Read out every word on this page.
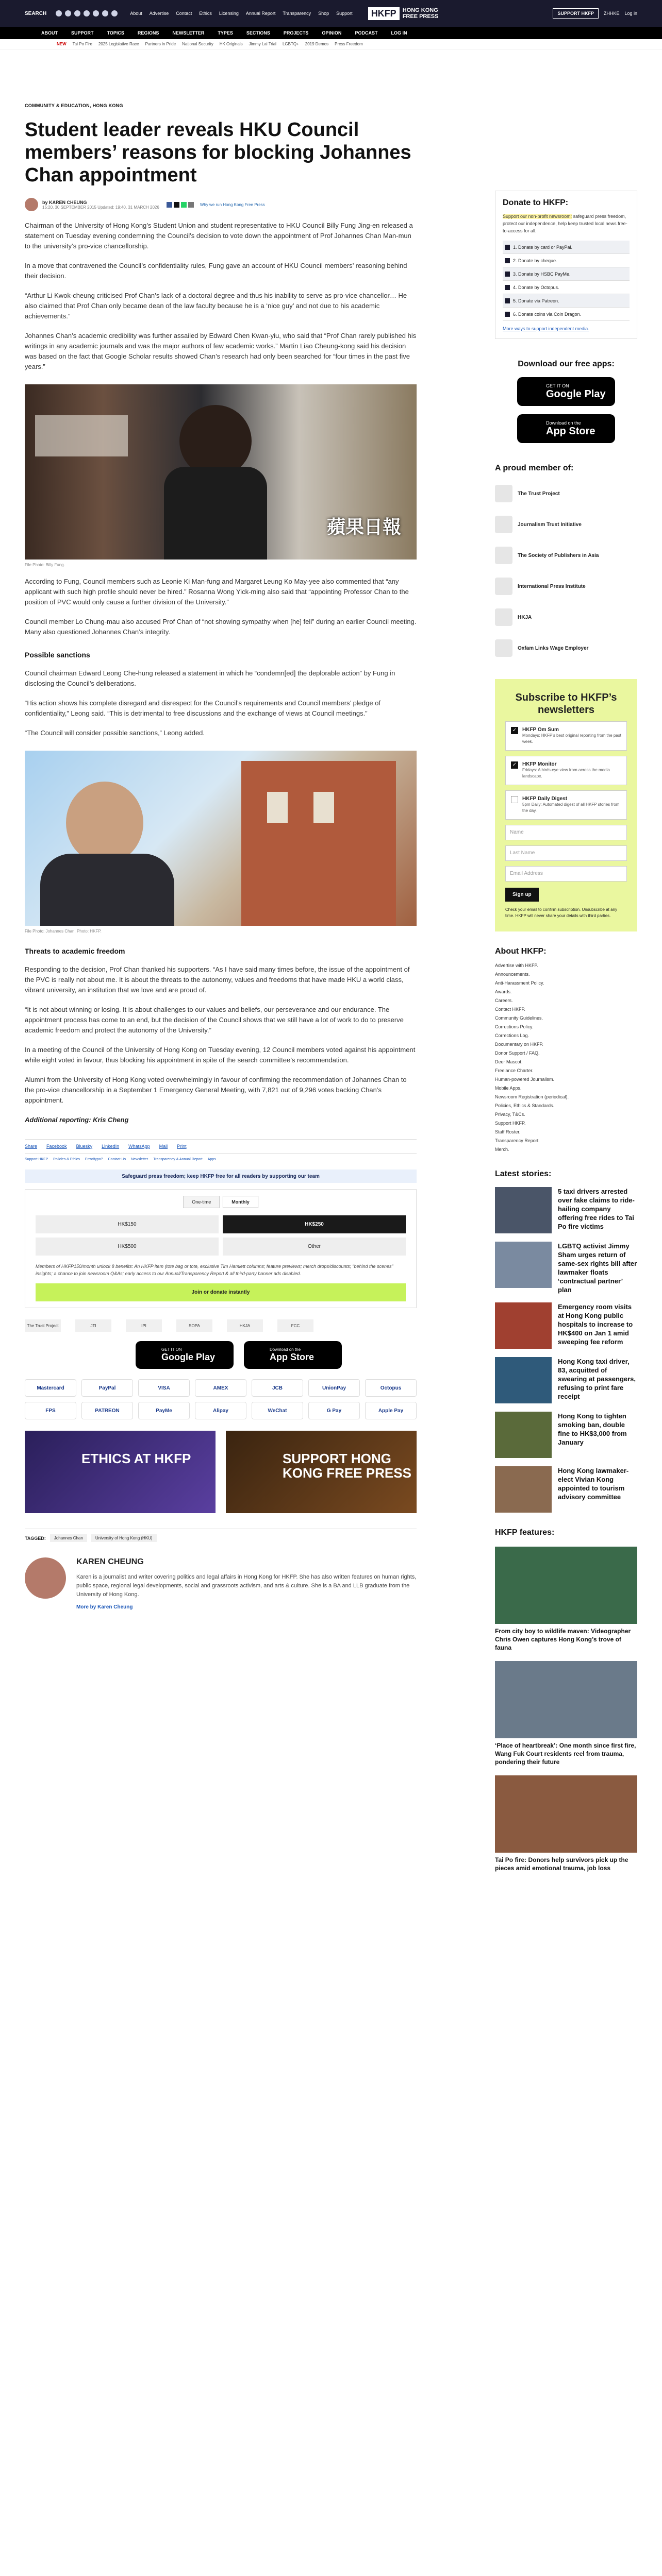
SEARCH	About Advertise Contact Ethics Licensing Annual Report Transparency Shop Support	HKFP	HONG KONG
FREE PRESS	SUPPORT HKFP	ZHHKE Log in
ABOUT	SUPPORT	TOPICS	REGIONS	NEWSLETTER	TYPES	SECTIONS	PROJECTS	OPINION	PODCAST	LOG IN
NEW Tai Po Fire 2025 Legislative Race Partners in Pride National Security HK Originals Jimmy Lai Trial LGBTQ+ 2019 Demos Press Freedom
COMMUNITY & EDUCATION, HONG KONG
Student leader reveals HKU Council members’ reasons for blocking Johannes Chan appointment
by KAREN CHEUNG
15:20, 30 SEPTEMBER 2015 Updated: 19:40, 31 MARCH 2026
Why we run Hong Kong Free Press

Chairman of the University of Hong Kong’s Student Union and student representative to HKU Council Billy Fung Jing-en released a statement on Tuesday evening condemning the Council’s decision to vote down the appointment of Prof Johannes Chan Man-mun to the university’s pro-vice chancellorship.

In a move that contravened the Council’s confidentiality rules, Fung gave an account of HKU Council members’ reasoning behind their decision.

“Arthur Li Kwok-cheung criticised Prof Chan’s lack of a doctoral degree and thus his inability to serve as pro-vice chancellor… He also claimed that Prof Chan only became dean of the law faculty because he is a ‘nice guy’ and not due to his academic achievements.”

Johannes Chan’s academic credibility was further assailed by Edward Chen Kwan-yiu, who said that “Prof Chan rarely published his writings in any academic journals and was the major authors of few academic works.” Martin Liao Cheung-kong said his decision was based on the fact that Google Scholar results showed Chan’s research had only been searched for “four times in the past five years.”

蘋果日報
File Photo: Billy Fung.

According to Fung, Council members such as Leonie Ki Man-fung and Margaret Leung Ko May-yee also commented that “any applicant with such high profile should never be hired.” Rosanna Wong Yick-ming also said that “appointing Professor Chan to the position of PVC would only cause a further division of the University.”

Council member Lo Chung-mau also accused Prof Chan of “not showing sympathy when [he] fell” during an earlier Council meeting. Many also questioned Johannes Chan’s integrity.

Possible sanctions

Council chairman Edward Leong Che-hung released a statement in which he “condemn[ed] the deplorable action” by Fung in disclosing the Council’s deliberations.

“His action shows his complete disregard and disrespect for the Council’s requirements and Council members’ pledge of confidentiality,” Leong said. “This is detrimental to free discussions and the exchange of views at Council meetings.”

“The Council will consider possible sanctions,” Leong added.

File Photo: Johannes Chan. Photo: HKFP.
Threats to academic freedom

Responding to the decision, Prof Chan thanked his supporters. “As I have said many times before, the issue of the appointment of the PVC is really not about me. It is about the threats to the autonomy, values and freedoms that have made HKU a world class, vibrant university, an institution that we love and are proud of.

“It is not about winning or losing. It is about challenges to our values and beliefs, our perseverance and our endurance. The appointment process has come to an end, but the decision of the Council shows that we still have a lot of work to do to preserve academic freedom and protect the autonomy of the University.”

In a meeting of the Council of the University of Hong Kong on Tuesday evening, 12 Council members voted against his appointment while eight voted in favour, thus blocking his appointment in spite of the search committee’s recommendation.

Alumni from the University of Hong Kong voted overwhelmingly in favour of confirming the recommendation of Johannes Chan to the pro-vice chancellorship in a September 1 Emergency General Meeting, with 7,821 out of 9,296 votes backing Chan’s appointment.

Additional reporting: Kris Cheng
Share Facebook Bluesky LinkedIn WhatsApp Mail Print
Support HKFP Policies & Ethics Error/typo? Contact Us Newsletter Transparency & Annual Report Apps
Safeguard press freedom; keep HKFP free for all readers by supporting our team
One-time	Monthly
HK$150	HK$250
HK$500	Other
Members of HKFP150/month unlock 8 benefits: An HKFP item (tote bag or tote, exclusive Tim Hamlett columns; feature previews; merch drops/discounts; “behind the scenes” insights; a chance to join newsroom Q&As; early access to our Annual/Transparency Report & all third-party banner ads disabled.
Join or donate instantly
The Trust Project	JTI	IPI	SOPA	HKJA	FCC
GET IT ON
Google Play
Download on the
App Store
Mastercard	PayPal	VISA	AMEX	JCB	UnionPay	Octopus
FPS	PATREON	PayMe	Alipay	WeChat	G Pay	Apple Pay
ETHICS AT HKFP	SUPPORT HONG KONG FREE PRESS
TAGGED:	Johannes Chan	University of Hong Kong (HKU)
KAREN CHEUNG
Karen is a journalist and writer covering politics and legal affairs in Hong Kong for HKFP. She has also written features on human rights, public space, regional legal developments, social and grassroots activism, and arts & culture. She is a BA and LLB graduate from the University of Hong Kong.
More by Karen Cheung
Donate to HKFP:
Support our non-profit newsroom: safeguard press freedom, protect our independence, help keep trusted local news free-to-access for all.
1. Donate by card or PayPal.
2. Donate by cheque.
3. Donate by HSBC PayMe.
4. Donate by Octopus.
5. Donate via Patreon.
6. Donate coins via Coin Dragon.
More ways to support independent media.
Download our free apps:
GET IT ON
Google Play
Download on the
App Store
A proud member of:
The Trust Project
Journalism Trust Initiative
The Society of Publishers in Asia
International Press Institute
HKJA
Oxfam Links Wage Employer
Subscribe to HKFP’s newsletters
✓ HKFP Om Sum
Mondays: HKFP’s best original reporting from the past week.
✓ HKFP Monitor
Fridays: A birds-eye view from across the media landscape.
HKFP Daily Digest
5pm Daily: Automated digest of all HKFP stories from the day.
Name
Last Name
Email Address
Sign up
Check your email to confirm subscription. Unsubscribe at any time. HKFP will never share your details with third parties.
About HKFP:
Advertise with HKFP.
Announcements.
Anti-Harassment Policy.
Awards.
Careers.
Contact HKFP.
Community Guidelines.
Corrections Policy.
Corrections Log.
Documentary on HKFP.
Donor Support / FAQ.
Deer Mascot.
Freelance Charter.
Human-powered Journalism.
Mobile Apps.
Newsroom Registration (periodical).
Policies, Ethics & Standards.
Privacy, T&Cs.
Support HKFP.
Staff Roster.
Transparency Report.
Merch.
Latest stories:
5 taxi drivers arrested over fake claims to ride-hailing company offering free rides to Tai Po fire victims
LGBTQ activist Jimmy Sham urges return of same-sex rights bill after lawmaker floats ‘contractual partner’ plan
Emergency room visits at Hong Kong public hospitals to increase to HK$400 on Jan 1 amid sweeping fee reform
Hong Kong taxi driver, 83, acquitted of swearing at passengers, refusing to print fare receipt
Hong Kong to tighten smoking ban, double fine to HK$3,000 from January
Hong Kong lawmaker-elect Vivian Kong appointed to tourism advisory committee
HKFP features:
From city boy to wildlife maven: Videographer Chris Owen captures Hong Kong’s trove of fauna
‘Place of heartbreak’: One month since first fire, Wang Fuk Court residents reel from trauma, pondering their future
Tai Po fire: Donors help survivors pick up the pieces amid emotional trauma, job loss
